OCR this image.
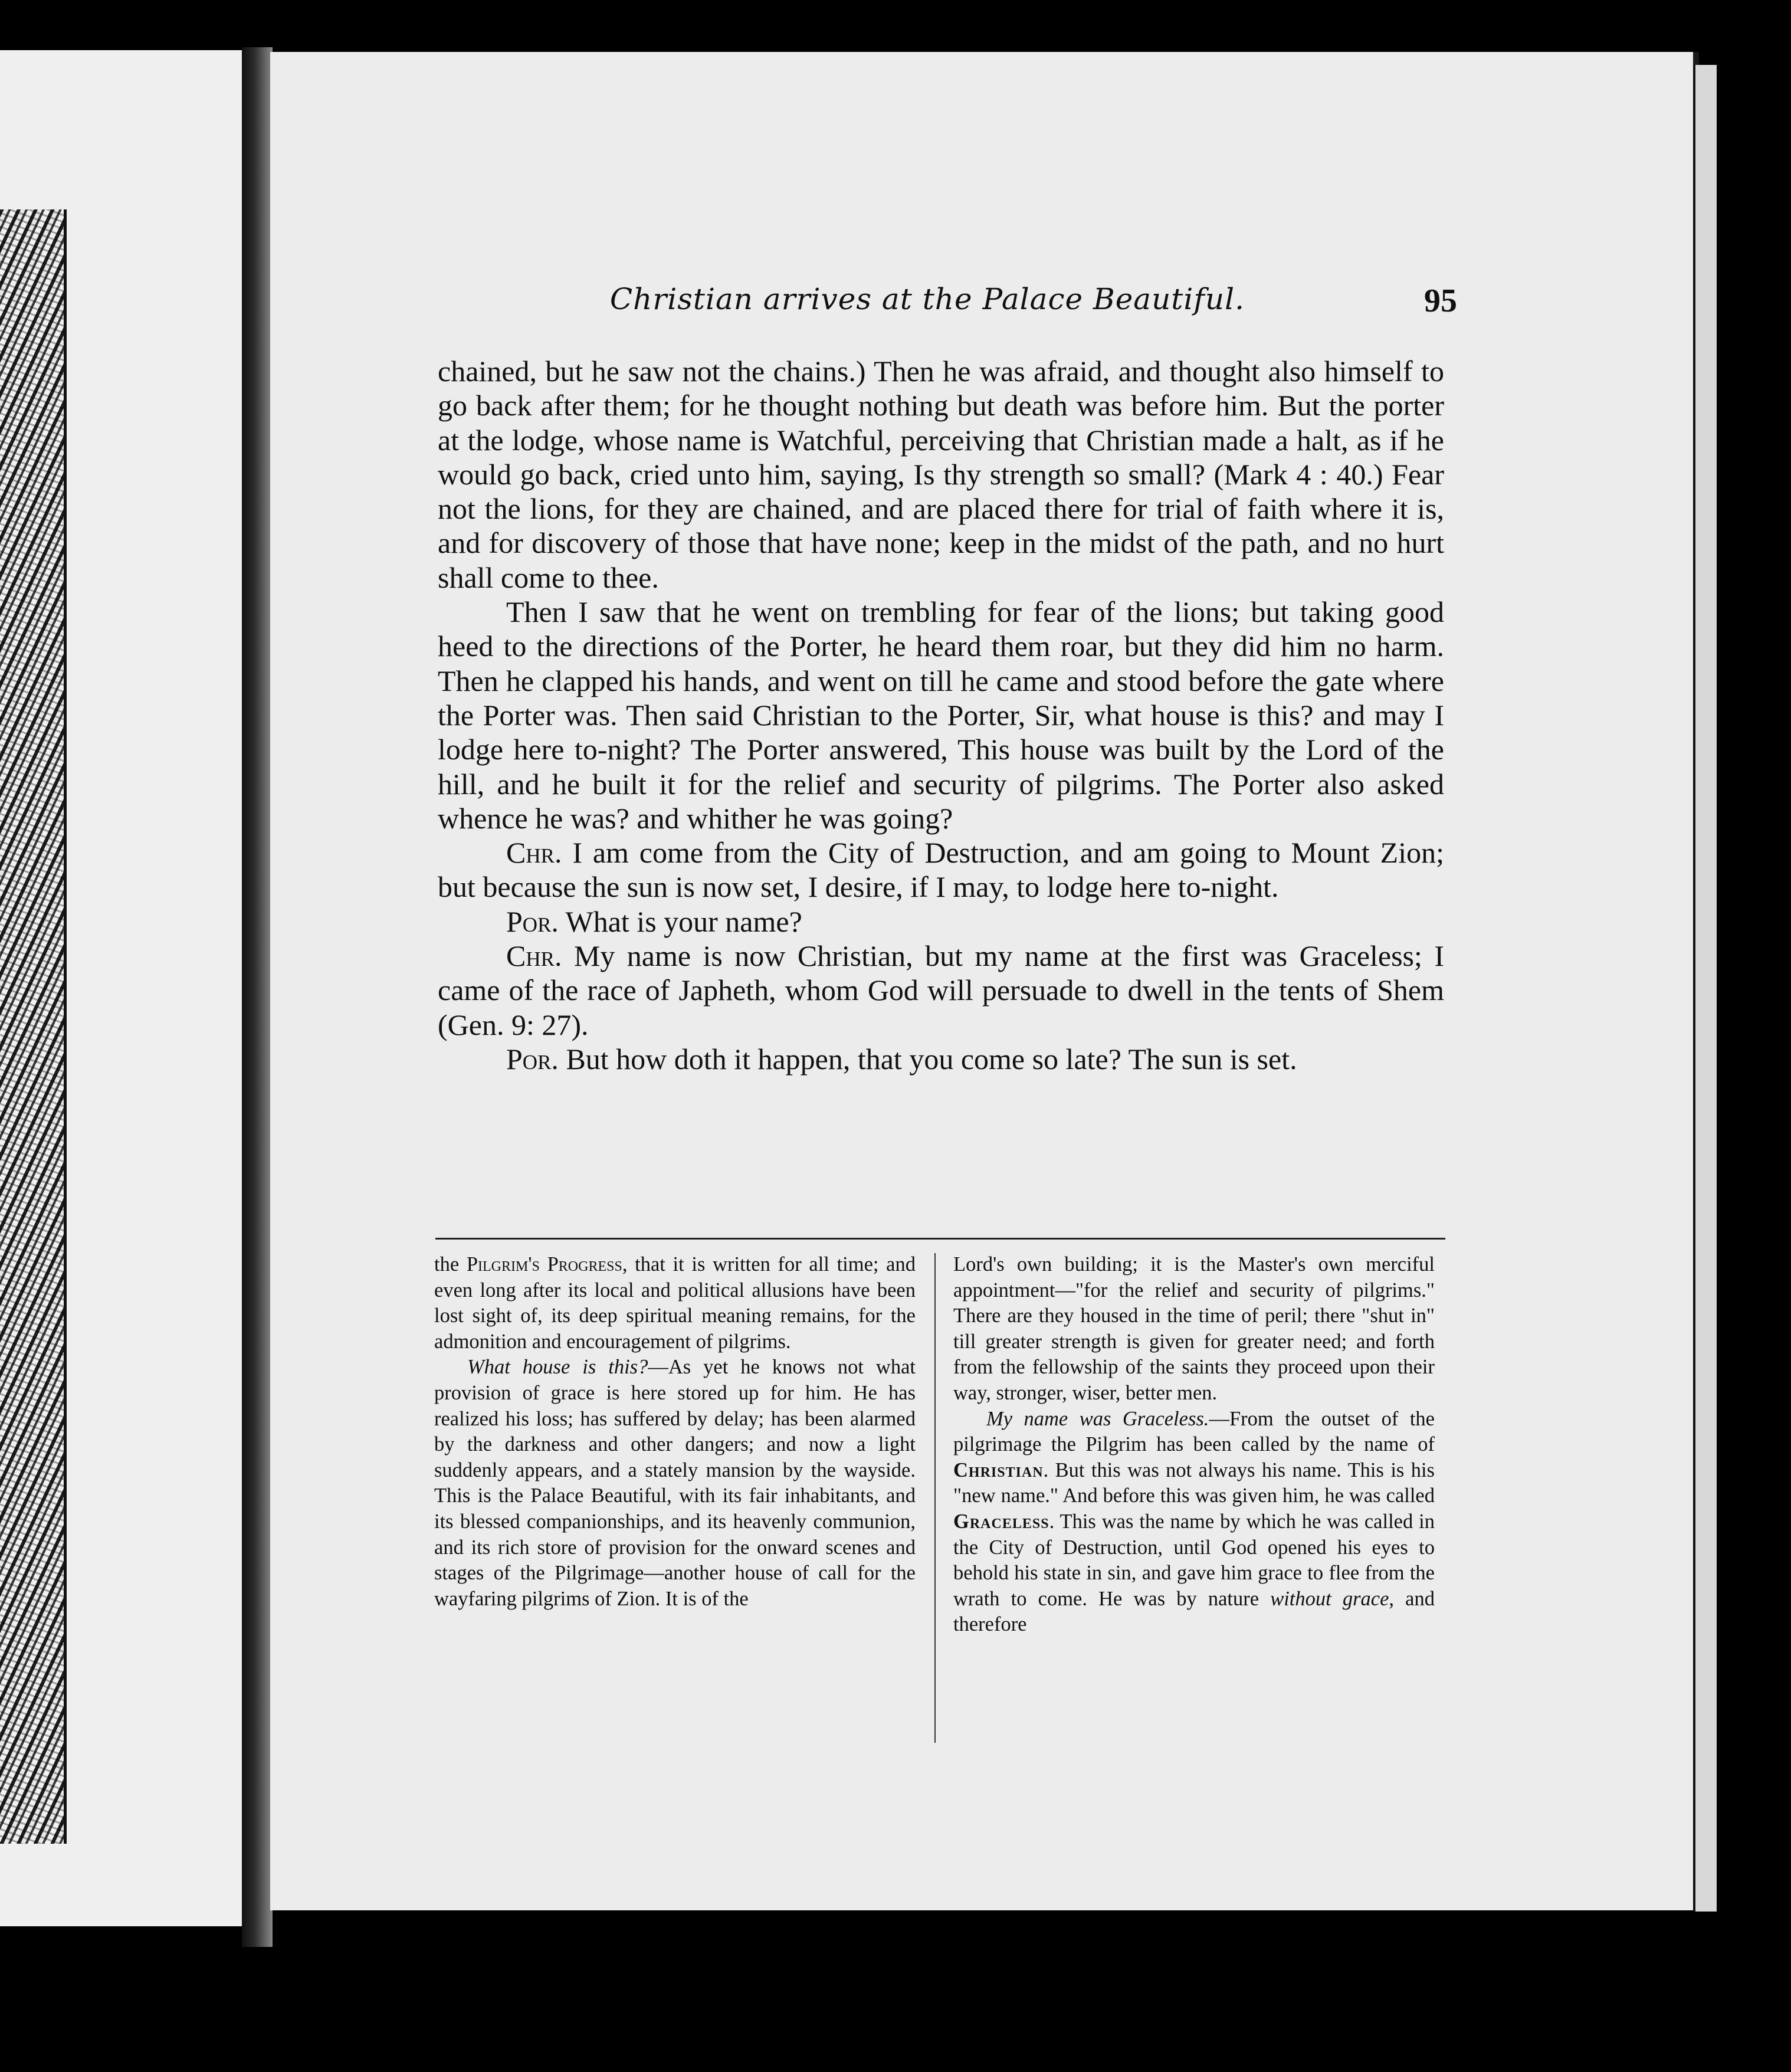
Christian arrives at the Palace Beautiful.	95

chained, but he saw not the chains.) Then he was afraid, and thought also himself to go back after them; for he thought nothing but death was before him. But the porter at the lodge, whose name is Watchful, perceiving that Christian made a halt, as if he would go back, cried unto him, saying, Is thy strength so small? (Mark 4 : 40.) Fear not the lions, for they are chained, and are placed there for trial of faith where it is, and for discovery of those that have none; keep in the midst of the path, and no hurt shall come to thee.

Then I saw that he went on trembling for fear of the lions; but taking good heed to the directions of the Porter, he heard them roar, but they did him no harm. Then he clapped his hands, and went on till he came and stood before the gate where the Porter was. Then said Christian to the Porter, Sir, what house is this? and may I lodge here to-night? The Porter answered, This house was built by the Lord of the hill, and he built it for the relief and security of pilgrims. The Porter also asked whence he was? and whither he was going?

Chr. I am come from the City of Destruction, and am going to Mount Zion; but because the sun is now set, I desire, if I may, to lodge here to-night.

Por. What is your name?

Chr. My name is now Christian, but my name at the first was Graceless; I came of the race of Japheth, whom God will persuade to dwell in the tents of Shem (Gen. 9: 27).

Por. But how doth it happen, that you come so late? The sun is set.

the Pilgrim's Progress, that it is written for all time; and even long after its local and political allusions have been lost sight of, its deep spiritual meaning remains, for the admonition and encouragement of pilgrims.

What house is this?—As yet he knows not what provision of grace is here stored up for him. He has realized his loss; has suffered by delay; has been alarmed by the darkness and other dangers; and now a light suddenly appears, and a stately mansion by the wayside. This is the Palace Beautiful, with its fair inhabitants, and its blessed companionships, and its heavenly communion, and its rich store of provision for the onward scenes and stages of the Pilgrimage—another house of call for the wayfaring pilgrims of Zion. It is of the

Lord's own building; it is the Master's own merciful appointment—"for the relief and security of pilgrims." There are they housed in the time of peril; there "shut in" till greater strength is given for greater need; and forth from the fellowship of the saints they proceed upon their way, stronger, wiser, better men.

My name was Graceless.—From the outset of the pilgrimage the Pilgrim has been called by the name of Christian. But this was not always his name. This is his "new name." And before this was given him, he was called Graceless. This was the name by which he was called in the City of Destruction, until God opened his eyes to behold his state in sin, and gave him grace to flee from the wrath to come. He was by nature without grace, and therefore
